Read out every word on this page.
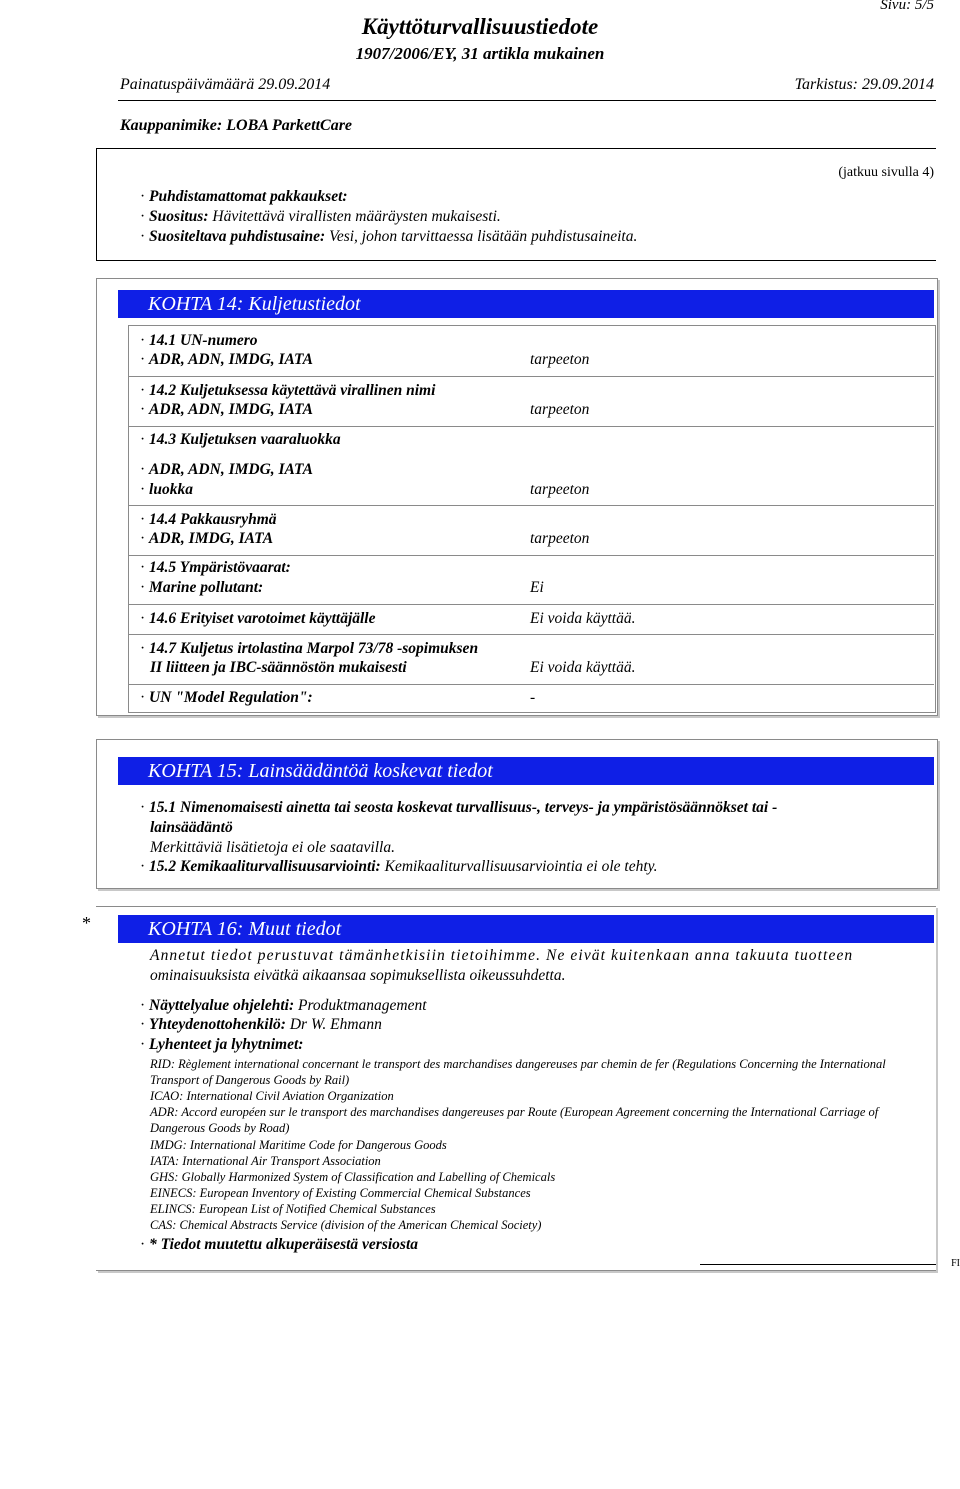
Sivu: 5/5
Käyttöturvallisuustiedote
1907/2006/EY, 31 artikla mukainen
Painatuspäivämäärä 29.09.2014	Tarkistus: 29.09.2014
Kauppanimike: LOBA ParkettCare
(jatkuu sivulla 4)
· Puhdistamattomat pakkaukset:
· Suositus: Hävitettävä virallisten määräysten mukaisesti.
· Suositeltava puhdistusaine: Vesi, johon tarvittaessa lisätään puhdistusaineita.
KOHTA 14: Kuljetustiedot
· 14.1 UN-numero
· ADR, ADN, IMDG, IATA	tarpeeton
· 14.2 Kuljetuksessa käytettävä virallinen nimi
· ADR, ADN, IMDG, IATA	tarpeeton
· 14.3 Kuljetuksen vaaraluokka
· ADR, ADN, IMDG, IATA
· luokka	tarpeeton
· 14.4 Pakkausryhmä
· ADR, IMDG, IATA	tarpeeton
· 14.5 Ympäristövaarat:
· Marine pollutant:	Ei
· 14.6 Erityiset varotoimet käyttäjälle	Ei voida käyttää.
· 14.7 Kuljetus irtolastina Marpol 73/78 -sopimuksen
II liitteen ja IBC-säännöstön mukaisesti	Ei voida käyttää.
· UN "Model Regulation":	-
KOHTA 15: Lainsäädäntöä koskevat tiedot
· 15.1 Nimenomaisesti ainetta tai seosta koskevat turvallisuus-, terveys- ja ympäristösäännökset tai -
lainsäädäntö
Merkittäviä lisätietoja ei ole saatavilla.
· 15.2 Kemikaaliturvallisuusarviointi: Kemikaaliturvallisuusarviointia ei ole tehty.
*	KOHTA 16: Muut tiedot
Annetut tiedot perustuvat tämänhetkisiin tietoihimme. Ne eivät kuitenkaan anna takuuta tuotteen
ominaisuuksista eivätkä aikaansaa sopimuksellista oikeussuhdetta.
· Näyttelyalue ohjelehti: Produktmanagement
· Yhteydenottohenkilö: Dr W. Ehmann
· Lyhenteet ja lyhytnimet:
RID: Règlement international concernant le transport des marchandises dangereuses par chemin de fer (Regulations Concerning the International Transport of Dangerous Goods by Rail)
ICAO: International Civil Aviation Organization
ADR: Accord européen sur le transport des marchandises dangereuses par Route (European Agreement concerning the International Carriage of Dangerous Goods by Road)
IMDG: International Maritime Code for Dangerous Goods
IATA: International Air Transport Association
GHS: Globally Harmonized System of Classification and Labelling of Chemicals
EINECS: European Inventory of Existing Commercial Chemical Substances
ELINCS: European List of Notified Chemical Substances
CAS: Chemical Abstracts Service (division of the American Chemical Society)
· * Tiedot muutettu alkuperäisestä versiosta
FI
